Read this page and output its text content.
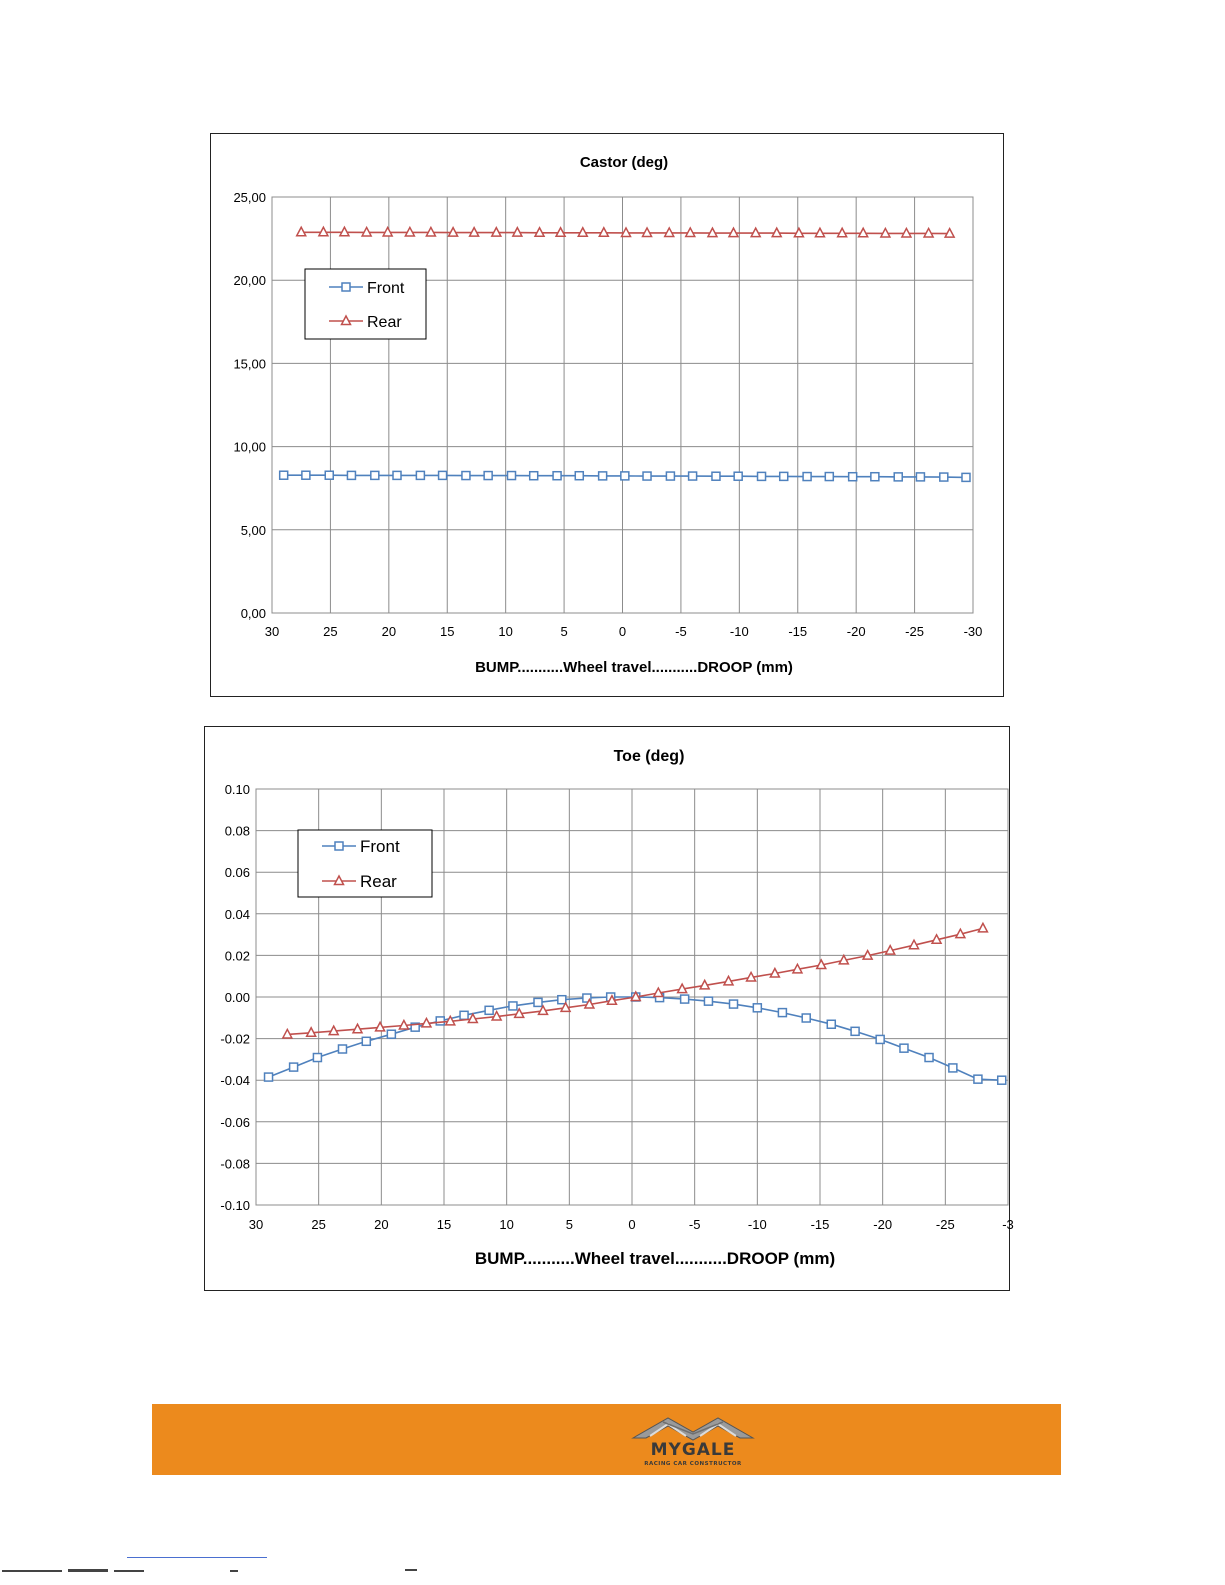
30	25	20	15	10	5	0	-5	-10	-15	-20	-25	-30
0,00
5,00
10,00
15,00
20,00
25,00
Castor (deg)
BUMP...........Wheel travel...........DROOP (mm)
Front
Rear
30	25	20	15	10	5	0	-5	-10	-15	-20	-25	-3
-0.10
-0.08
-0.06
-0.04
-0.02
0.00
0.02
0.04
0.06
0.08
0.10
Toe (deg)
BUMP...........Wheel travel...........DROOP (mm)
Front
Rear
MYGALE
RACING CAR CONSTRUCTOR
